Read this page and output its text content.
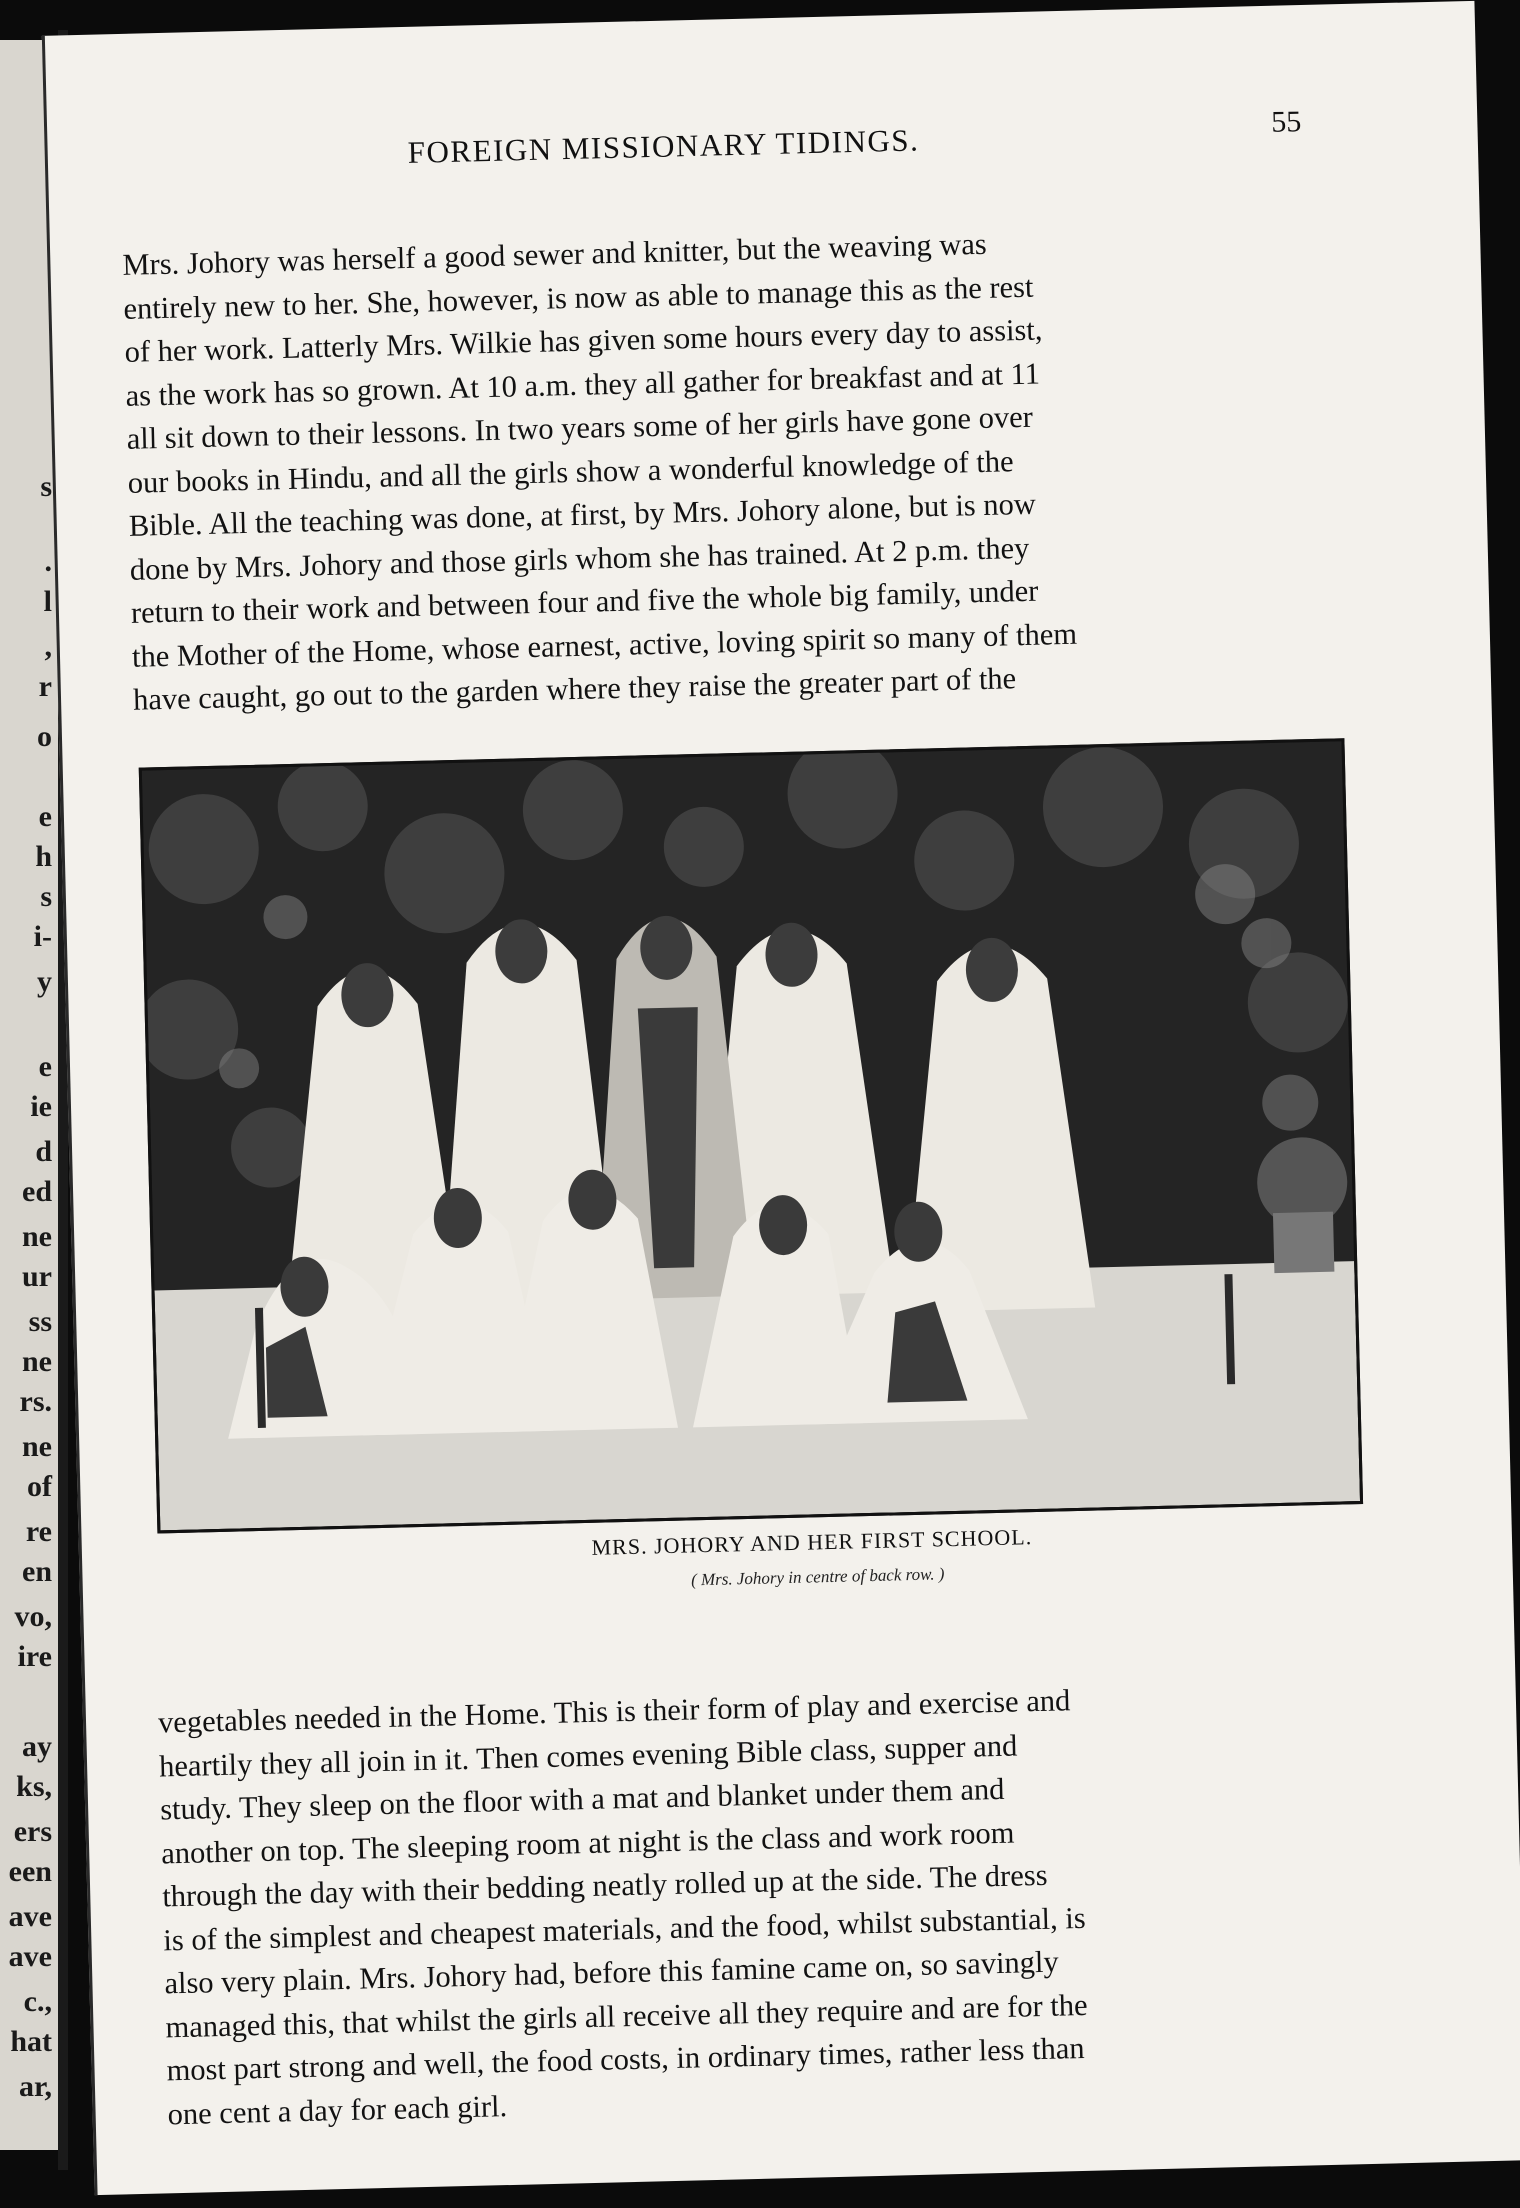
s
.
l
,
r
o
e
h
s
i-
y
e
ie
d
ed
ne
ur
ss
ne
rs.
ne
of
re
en
vo,
ire
ay
ks,
ers
een
ave
ave
c.,
hat
ar,
FOREIGN MISSIONARY TIDINGS.
55
Mrs. Johory was herself a good sewer and knitter, but the weaving was
entirely new to her. She, however, is now as able to manage this as the rest
of her work. Latterly Mrs. Wilkie has given some hours every day to assist,
as the work has so grown. At 10 a.m. they all gather for breakfast and at 11
all sit down to their lessons. In two years some of her girls have gone over
our books in Hindu, and all the girls show a wonderful knowledge of the
Bible. All the teaching was done, at first, by Mrs. Johory alone, but is now
done by Mrs. Johory and those girls whom she has trained. At 2 p.m. they
return to their work and between four and five the whole big family, under
the Mother of the Home, whose earnest, active, loving spirit so many of them
have caught, go out to the garden where they raise the greater part of the
MRS. JOHORY AND HER FIRST SCHOOL.
( Mrs. Johory in centre of back row. )
vegetables needed in the Home. This is their form of play and exercise and
heartily they all join in it. Then comes evening Bible class, supper and
study. They sleep on the floor with a mat and blanket under them and
another on top. The sleeping room at night is the class and work room
through the day with their bedding neatly rolled up at the side. The dress
is of the simplest and cheapest materials, and the food, whilst substantial, is
also very plain. Mrs. Johory had, before this famine came on, so savingly
managed this, that whilst the girls all receive all they require and are for the
most part strong and well, the food costs, in ordinary times, rather less than
one cent a day for each girl.
